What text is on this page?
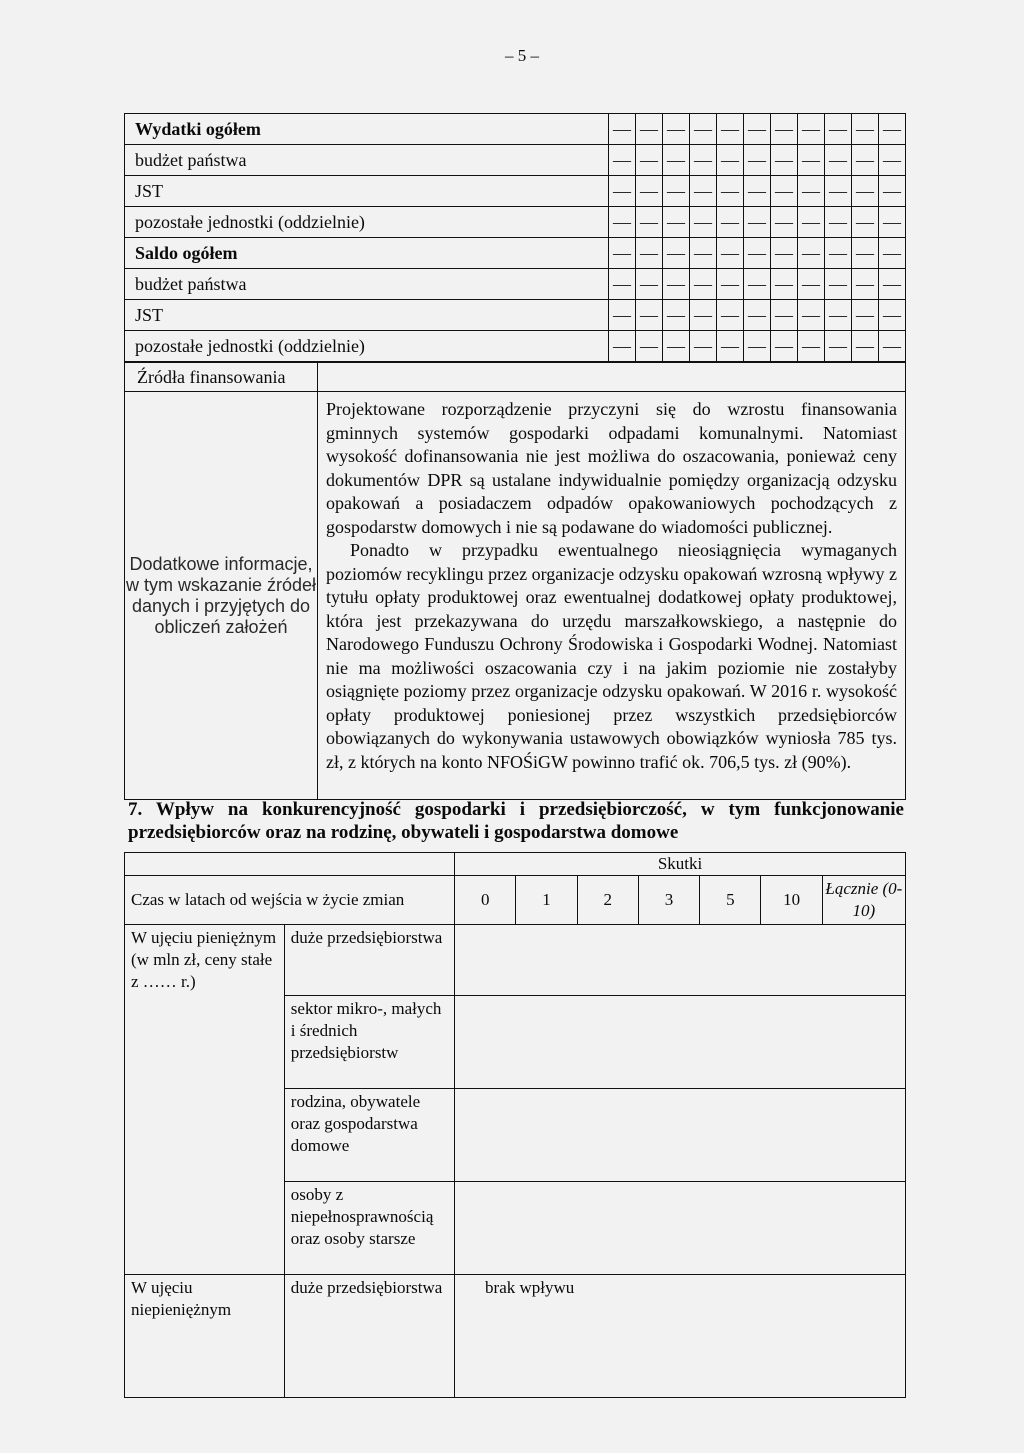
– 5 –
Wydatki ogółem	—	—	—	—	—	—	—	—	—	—	—
budżet państwa	—	—	—	—	—	—	—	—	—	—	—
JST	—	—	—	—	—	—	—	—	—	—	—
pozostałe jednostki (oddzielnie)	—	—	—	—	—	—	—	—	—	—	—
Saldo ogółem	—	—	—	—	—	—	—	—	—	—	—
budżet państwa	—	—	—	—	—	—	—	—	—	—	—
JST	—	—	—	—	—	—	—	—	—	—	—
pozostałe jednostki (oddzielnie)	—	—	—	—	—	—	—	—	—	—	—
Źródła finansowania	
Dodatkowe informacje, w tym wskazanie źródeł danych i przyjętych do obliczeń założeń	Projektowane rozporządzenie przyczyni się do wzrostu finansowania gminnych systemów gospodarki odpadami komunalnymi. Natomiast wysokość dofinansowania nie jest możliwa do oszacowania, ponieważ ceny dokumentów DPR są ustalane indywidualnie pomiędzy organizacją odzysku opakowań a posiadaczem odpadów opakowaniowych pochodzących z gospodarstw domowych i nie są podawane do wiadomości publicznej.

Ponadto w przypadku ewentualnego nieosiągnięcia wymaganych poziomów recyklingu przez organizacje odzysku opakowań wzrosną wpływy z tytułu opłaty produktowej oraz ewentualnej dodatkowej opłaty produktowej, która jest przekazywana do urzędu marszałkowskiego, a następnie do Narodowego Funduszu Ochrony Środowiska i Gospodarki Wodnej. Natomiast nie ma możliwości oszacowania czy i na jakim poziomie nie zostałyby osiągnięte poziomy przez organizacje odzysku opakowań. W 2016 r. wysokość opłaty produktowej poniesionej przez wszystkich przedsiębiorców obowiązanych do wykonywania ustawowych obowiązków wyniosła 785 tys. zł, z których na konto NFOŚiGW powinno trafić ok. 706,5 tys. zł (90%).

7. Wpływ na konkurencyjność gospodarki i przedsiębiorczość, w tym funkcjonowanie przedsiębiorców oraz na rodzinę, obywateli i gospodarstwa domowe
		Skutki						
Czas w latach od wejścia w życie zmian		0	1	2	3	5	10	Łącznie (0-10)
W ujęciu pieniężnym (w mln zł, ceny stałe z …… r.)	duże przedsiębiorstwa							
	sektor mikro-, małych i średnich przedsiębiorstw							
	rodzina, obywatele oraz gospodarstwa domowe							
	osoby z niepełnosprawnością oraz osoby starsze							
W ujęciu niepieniężnym	duże przedsiębiorstwa	brak wpływu						
